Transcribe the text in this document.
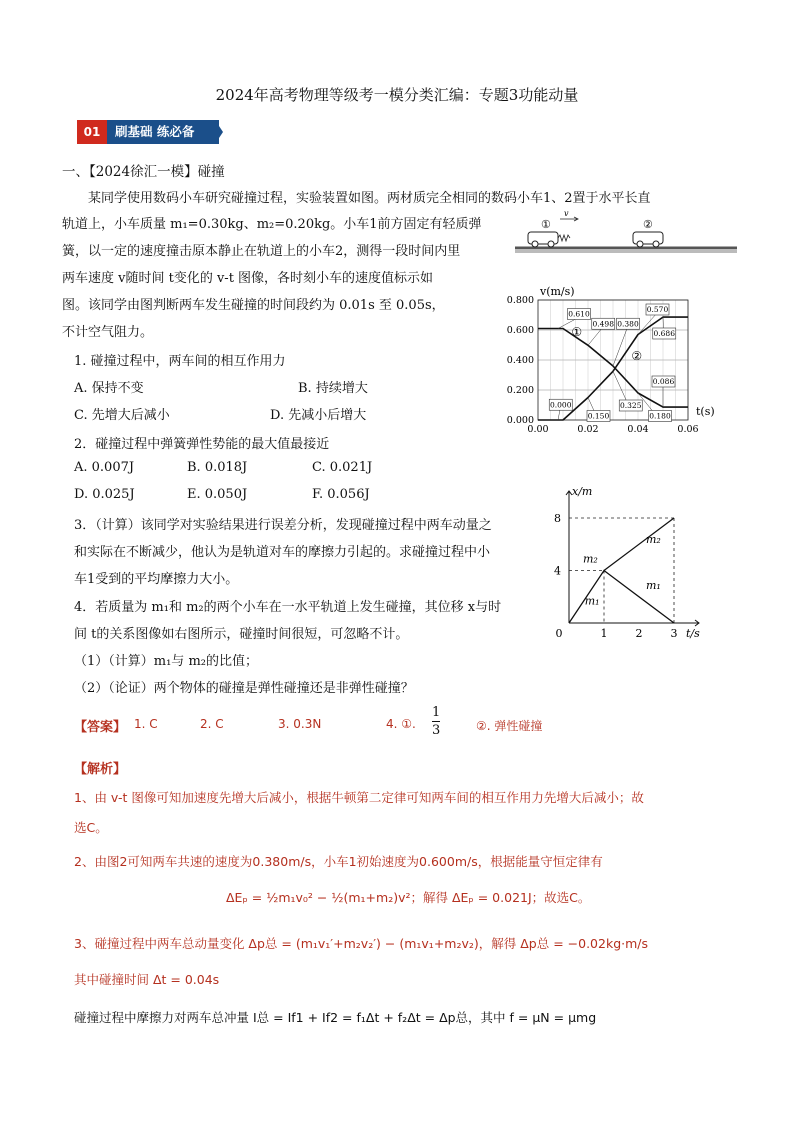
2024年高考物理等级考一模分类汇编：专题3功能动量
01	刷基础 练必备
一、【2024徐汇一模】碰撞
某同学使用数码小车研究碰撞过程，实验装置如图。两材质完全相同的数码小车1、2置于水平长直
轨道上，小车质量 m₁=0.30kg、m₂=0.20kg。小车1前方固定有轻质弹
簧，以一定的速度撞击原本静止在轨道上的小车2，测得一段时间内里
两车速度 v随时间 t变化的 v-t 图像，各时刻小车的速度值标示如
图。该同学由图判断两车发生碰撞的时间段约为 0.01s 至 0.05s，
不计空气阻力。
①
v
②
0.000
0.200
0.400
0.600
0.800
0.00	0.02	0.04	0.06
v(m/s)
t(s)
①
②
0.610
0.498 0.380
0.570
0.686
0.000
0.150
0.325
0.180
0.086
1. 碰撞过程中，两车间的相互作用力
A. 保持不变	B. 持续增大
C. 先增大后减小	D. 先减小后增大
2．碰撞过程中弹簧弹性势能的最大值最接近
A. 0.007J	B. 0.018J	C. 0.021J
D. 0.025J	E. 0.050J	F. 0.056J
3．（计算）该同学对实验结果进行误差分析，发现碰撞过程中两车动量之
和实际在不断减少，他认为是轨道对车的摩擦力引起的。求碰撞过程中小
车1受到的平均摩擦力大小。
4．若质量为 m₁和 m₂的两个小车在一水平轨道上发生碰撞，其位移 x与时
间 t的关系图像如右图所示，碰撞时间很短，可忽略不计。
（1）（计算）m₁与 m₂的比值；
（2）（论证）两个物体的碰撞是弹性碰撞还是非弹性碰撞？
x/m
t/s
0	1	2	3
4
8
m₂
m₁
m₂
m₁
【答案】 1. C	2. C	3. 0.3N	4. ①. $\frac{1}{3}$	②. 弹性碰撞
【解析】
1、由 v-t 图像可知加速度先增大后减小，根据牛顿第二定律可知两车间的相互作用力先增大后减小；故
选C。
2、由图2可知两车共速的速度为0.380m/s，小车1初始速度为0.600m/s，根据能量守恒定律有
ΔEₚ = ½m₁v₀² − ½(m₁+m₂)v²；解得 ΔEₚ = 0.021J；故选C。
3、碰撞过程中两车总动量变化 Δp总 = (m₁v₁′+m₂v₂′) − (m₁v₁+m₂v₂)，解得 Δp总 = −0.02kg·m/s
其中碰撞时间 Δt = 0.04s
碰撞过程中摩擦力对两车总冲量 I总 = If1 + If2 = f₁Δt + f₂Δt = Δp总，其中 f = μN = μmg
